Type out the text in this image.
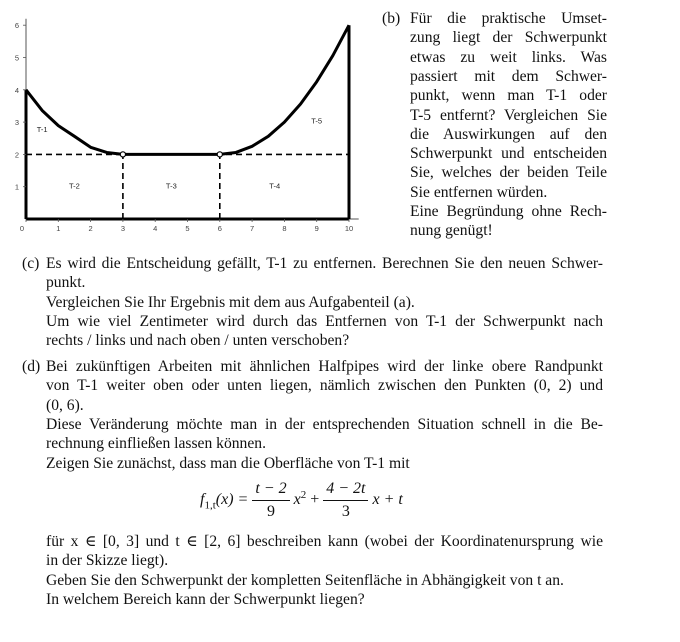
0	1	2	3	4	5	6	7	8	9	10
1
2
3
4
5
6
T-1
T-2	T-3	T-4
T-5
(b) Für die praktische Umset-
zung liegt der Schwerpunkt
etwas zu weit links. Was
passiert mit dem Schwer-
punkt, wenn man T-1 oder
T-5 entfernt? Vergleichen Sie
die Auswirkungen auf den
Schwerpunkt und entscheiden
Sie, welches der beiden Teile
Sie entfernen würden.
Eine Begründung ohne Rech-
nung genügt!
(c) Es wird die Entscheidung gefällt, T-1 zu entfernen. Berechnen Sie den neuen Schwer-
punkt.
Vergleichen Sie Ihr Ergebnis mit dem aus Aufgabenteil (a).
Um wie viel Zentimeter wird durch das Entfernen von T-1 der Schwerpunkt nach
rechts / links und nach oben / unten verschoben?
(d) Bei zukünftigen Arbeiten mit ähnlichen Halfpipes wird der linke obere Randpunkt
von T-1 weiter oben oder unten liegen, nämlich zwischen den Punkten (0, 2) und
(0, 6).
Diese Veränderung möchte man in der entsprechenden Situation schnell in die Be-
rechnung einfließen lassen können.
Zeigen Sie zunächst, dass man die Oberfläche von T-1 mit
$f_{1,t}(x) = \frac{t - 2}{9} x^2 + \frac{4 - 2t}{3}$ x + t
für x ∈ [0, 3] und t ∈ [2, 6] beschreiben kann (wobei der Koordinatenursprung wie
in der Skizze liegt).
Geben Sie den Schwerpunkt der kompletten Seitenfläche in Abhängigkeit von t an.
In welchem Bereich kann der Schwerpunkt liegen?
